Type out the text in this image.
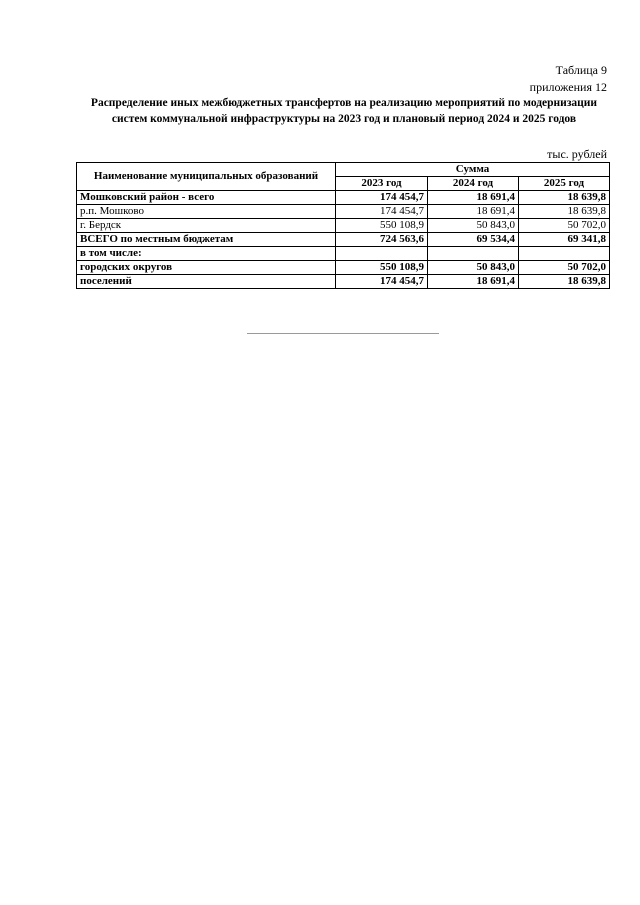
Таблица 9
приложения 12
Распределение иных межбюджетных трансфертов на реализацию мероприятий по модернизации систем коммунальной инфраструктуры на 2023 год и плановый период 2024 и 2025 годов
тыс. рублей
Наименование муниципальных образований	Сумма		
	2023 год	2024 год	2025 год
Мошковский район - всего	174 454,7	18 691,4	18 639,8
р.п. Мошково	174 454,7	18 691,4	18 639,8
г. Бердск	550 108,9	50 843,0	50 702,0
ВСЕГО по местным бюджетам	724 563,6	69 534,4	69 341,8
в том числе:			
городских округов	550 108,9	50 843,0	50 702,0
поселений	174 454,7	18 691,4	18 639,8
